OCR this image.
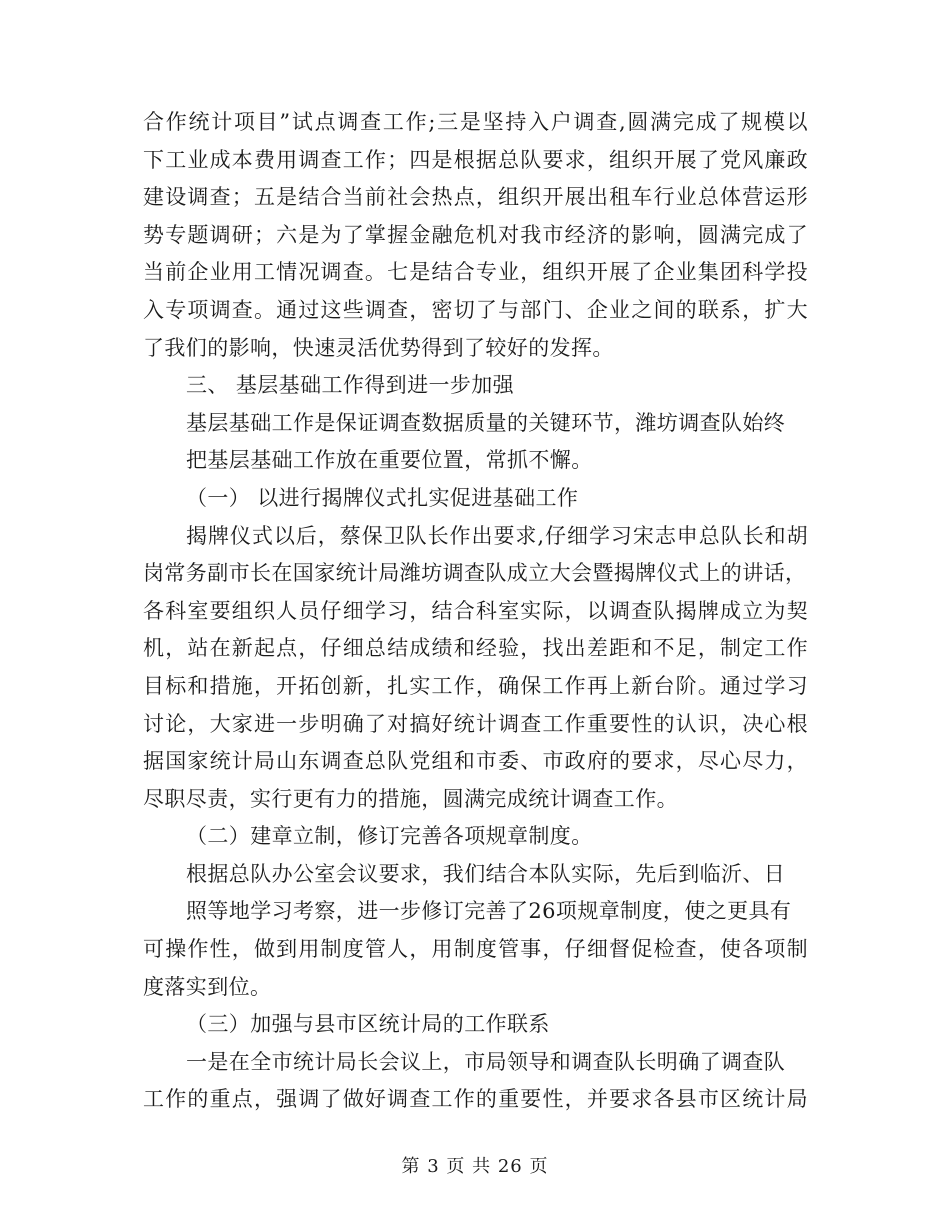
合作统计项目”试点调查工作;三是坚持入户调查,圆满完成了规模以
下工业成本费用调查工作；四是根据总队要求，组织开展了党风廉政
建设调查；五是结合当前社会热点，组织开展出租车行业总体营运形
势专题调研；六是为了掌握金融危机对我市经济的影响，圆满完成了
当前企业用工情况调查。七是结合专业，组织开展了企业集团科学投
入专项调查。通过这些调查，密切了与部门、企业之间的联系，扩大
了我们的影响，快速灵活优势得到了较好的发挥。
三、 基层基础工作得到进一步加强
基层基础工作是保证调查数据质量的关键环节，潍坊调查队始终
把基层基础工作放在重要位置，常抓不懈。
（一） 以进行揭牌仪式扎实促进基础工作
揭牌仪式以后，蔡保卫队长作出要求,仔细学习宋志申总队长和胡
岗常务副市长在国家统计局潍坊调查队成立大会暨揭牌仪式上的讲话，
各科室要组织人员仔细学习，结合科室实际，以调查队揭牌成立为契
机，站在新起点，仔细总结成绩和经验，找出差距和不足，制定工作
目标和措施，开拓创新，扎实工作，确保工作再上新台阶。通过学习
讨论，大家进一步明确了对搞好统计调查工作重要性的认识，决心根
据国家统计局山东调查总队党组和市委、市政府的要求，尽心尽力，
尽职尽责，实行更有力的措施，圆满完成统计调查工作。
（二）建章立制，修订完善各项规章制度。
根据总队办公室会议要求，我们结合本队实际，先后到临沂、日
照等地学习考察，进一步修订完善了26项规章制度，使之更具有
可操作性，做到用制度管人，用制度管事，仔细督促检查，使各项制
度落实到位。
（三）加强与县市区统计局的工作联系
一是在全市统计局长会议上，市局领导和调查队长明确了调查队
工作的重点，强调了做好调查工作的重要性，并要求各县市区统计局
第 3 页 共 26 页
